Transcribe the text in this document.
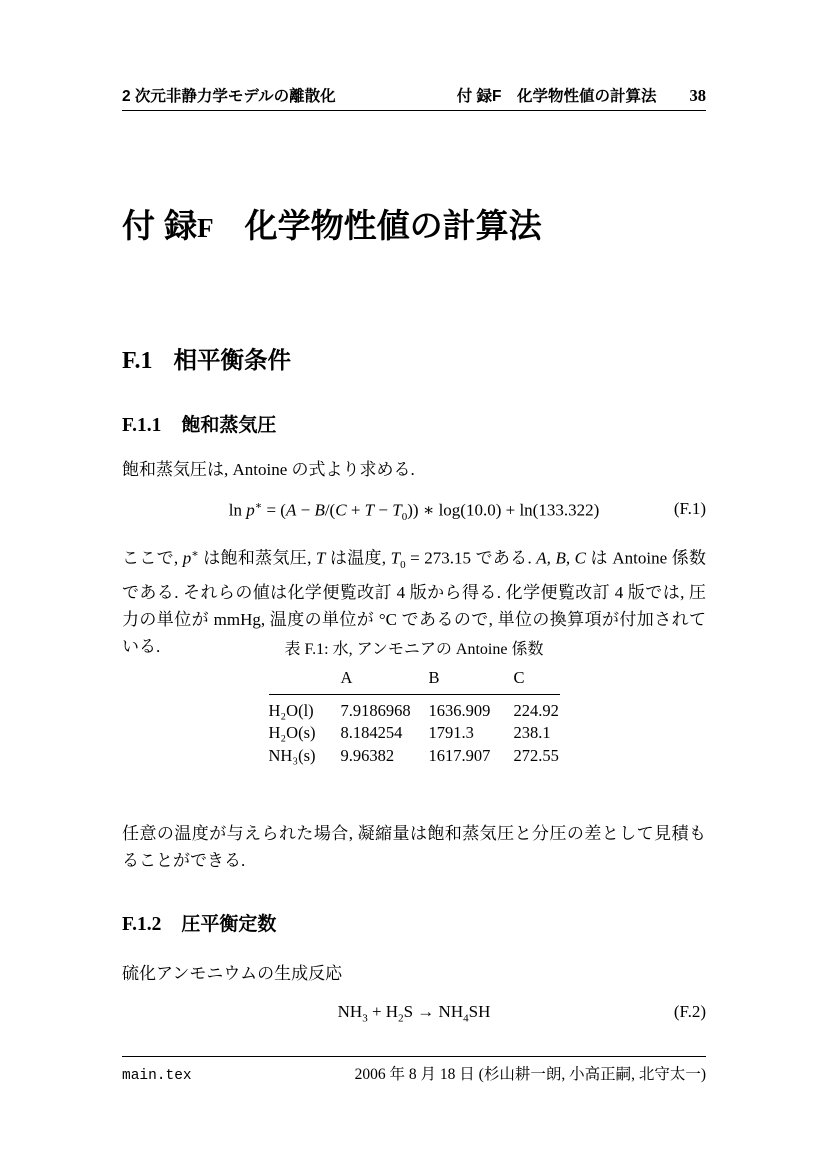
2 次元非静力学モデルの離散化	付 録F　化学物性値の計算法 38
付 録F 化学物性値の計算法
F.1 相平衡条件
F.1.1 飽和蒸気圧

飽和蒸気圧は, Antoine の式より求める.

$\ln p^∗ = (A - B/(C + T - T_0))$ ∗ log(10.0) + ln(133.322)	(F.1)

ここで, p∗ は飽和蒸気圧, T は温度, $T_0 = 273.15$ である. A, B, C は Antoine 係数である. それらの値は化学便覧改訂 4 版から得る. 化学便覧改訂 4 版では, 圧力の単位が mmHg, 温度の単位が °C であるので, 単位の換算項が付加されている.	表 F.1: 水, アンモニアの Antoine 係数
	A	B	C
H₂O(l)	7.9186968	1636.909	224.92
H₂O(s)	8.184254	1791.3	238.1
NH₃(s)	9.96382	1617.907	272.55

任意の温度が与えられた場合, 凝縮量は飽和蒸気圧と分圧の差として見積もることができる.

F.1.2 圧平衡定数

硫化アンモニウムの生成反応

$NH_3 + H_2S \to NH_4SH$	(F.2)
main.tex	2006 年 8 月 18 日 (杉山耕一朗, 小高正嗣, 北守太一)
